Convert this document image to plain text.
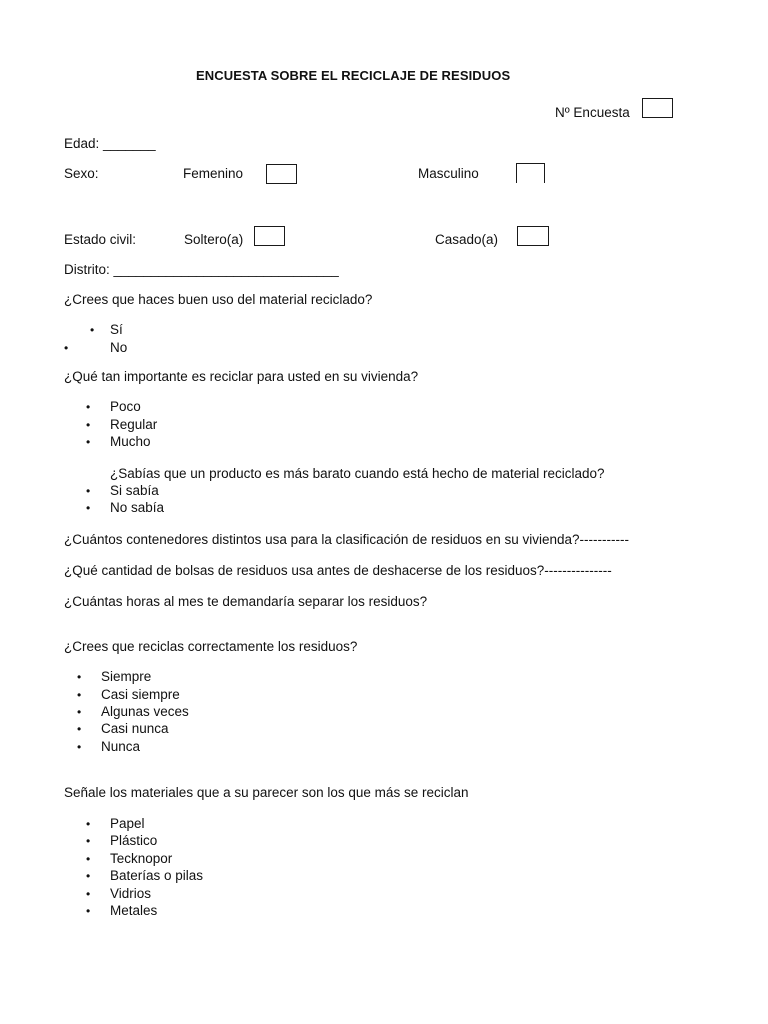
ENCUESTA SOBRE EL RECICLAJE DE RESIDUOS
Nº Encuesta
Edad: _______
Sexo:	Femenino	Masculino
Estado civil:	Soltero(a)	Casado(a)
Distrito: ______________________________
¿Crees que haces buen uso del material reciclado?
•
Sí
•
No
¿Qué tan importante es reciclar para usted en su vivienda?
•
Poco
•
Regular
•
Mucho
¿Sabías que un producto es más barato cuando está hecho de material reciclado?
•
Si sabía
•
No sabía
¿Cuántos contenedores distintos usa para la clasificación de residuos en su vivienda?-----------
¿Qué cantidad de bolsas de residuos usa antes de deshacerse de los residuos?---------------
¿Cuántas horas al mes te demandaría separar los residuos?
¿Crees que reciclas correctamente los residuos?
•
Siempre
•
Casi siempre
•
Algunas veces
•
Casi nunca
•
Nunca
Señale los materiales que a su parecer son los que más se reciclan
•
Papel
•
Plástico
•
Tecknopor
•
Baterías o pilas
•
Vidrios
•
Metales
